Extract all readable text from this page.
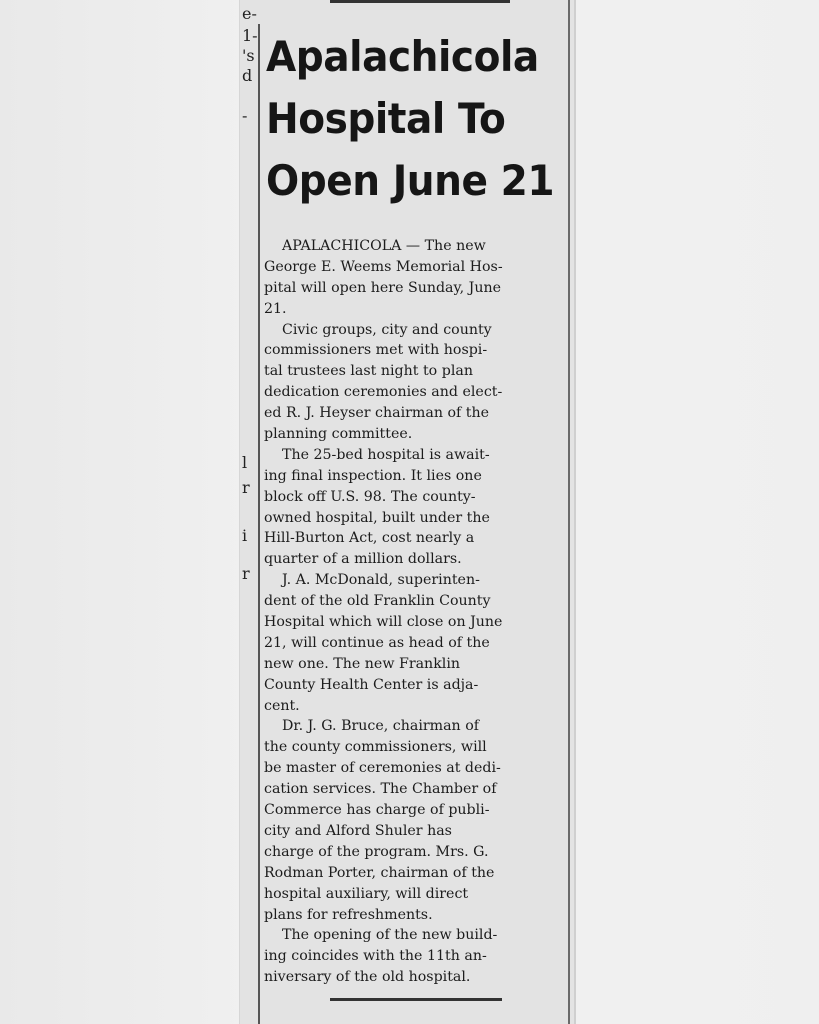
e-
1-
's
d
-
l
r
i
r
Apalachicola
Hospital To
Open June 21
APALACHICOLA — The new
George E. Weems Memorial Hos-
pital will open here Sunday, June
21.
Civic groups, city and county
commissioners met with hospi-
tal trustees last night to plan
dedication ceremonies and elect-
ed R. J. Heyser chairman of the
planning committee.
The 25-bed hospital is await-
ing final inspection. It lies one
block off U.S. 98. The county-
owned hospital, built under the
Hill-Burton Act, cost nearly a
quarter of a million dollars.
J. A. McDonald, superinten-
dent of the old Franklin County
Hospital which will close on June
21, will continue as head of the
new one. The new Franklin
County Health Center is adja-
cent.
Dr. J. G. Bruce, chairman of
the county commissioners, will
be master of ceremonies at dedi-
cation services. The Chamber of
Commerce has charge of publi-
city and Alford Shuler has
charge of the program. Mrs. G.
Rodman Porter, chairman of the
hospital auxiliary, will direct
plans for refreshments.
The opening of the new build-
ing coincides with the 11th an-
niversary of the old hospital.
